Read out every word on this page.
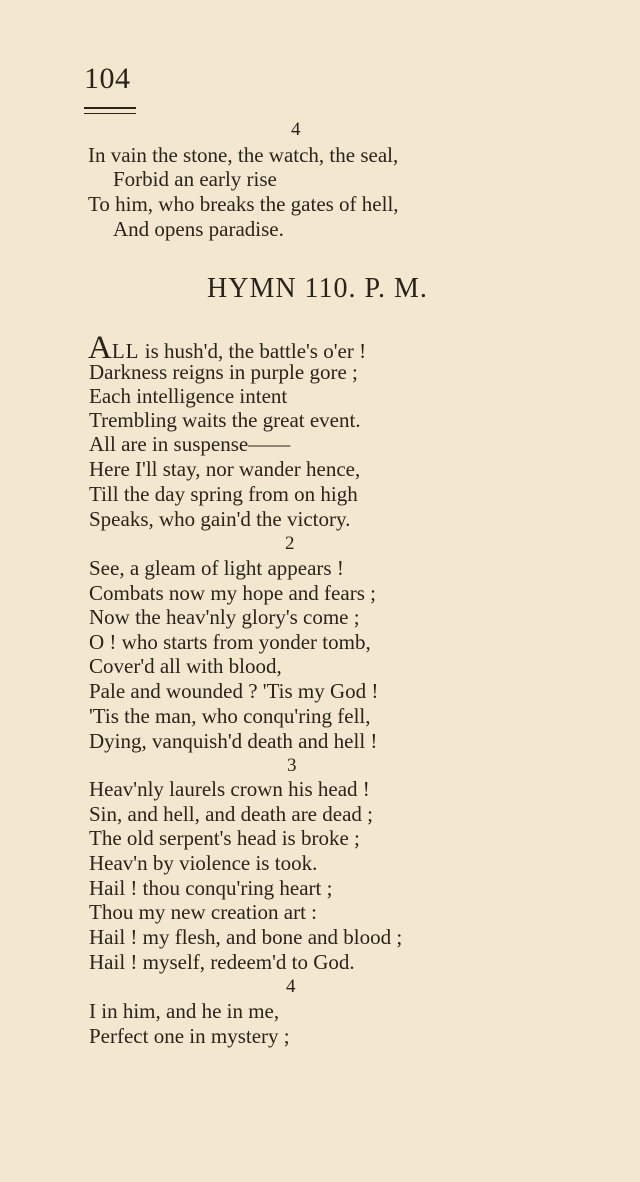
104
4
In vain the stone, the watch, the seal,
Forbid an early rise
To him, who breaks the gates of hell,
And opens paradise.
HYMN 110. P. M.
ALL is hush'd, the battle's o'er !
Darkness reigns in purple gore ;
Each intelligence intent
Trembling waits the great event.
All are in suspense——
Here I'll stay, nor wander hence,
Till the day spring from on high
Speaks, who gain'd the victory.
2
See, a gleam of light appears !
Combats now my hope and fears ;
Now the heav'nly glory's come ;
O ! who starts from yonder tomb,
Cover'd all with blood,
Pale and wounded ? 'Tis my God !
'Tis the man, who conqu'ring fell,
Dying, vanquish'd death and hell !
3
Heav'nly laurels crown his head !
Sin, and hell, and death are dead ;
The old serpent's head is broke ;
Heav'n by violence is took.
Hail ! thou conqu'ring heart ;
Thou my new creation art :
Hail ! my flesh, and bone and blood ;
Hail ! myself, redeem'd to God.
4
I in him, and he in me,
Perfect one in mystery ;
